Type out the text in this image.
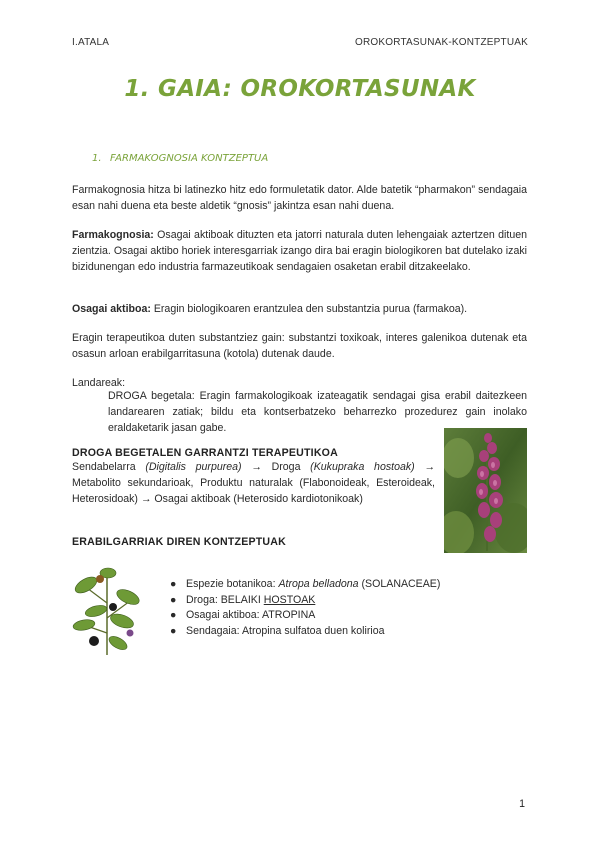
I.ATALA	OROKORTASUNAK-KONTZEPTUAK
1. GAIA: OROKORTASUNAK
1. FARMAKOGNOSIA KONTZEPTUA
Farmakognosia hitza bi latinezko hitz edo formuletatik dator. Alde batetik “pharmakon” sendagaia esan nahi duena eta beste aldetik “gnosis” jakintza esan nahi duena.
Farmakognosia: Osagai aktiboak dituzten eta jatorri naturala duten lehengaiak aztertzen dituen zientzia. Osagai aktibo horiek interesgarriak izango dira bai eragin biologikoren bat dutelako izaki bizidunengan edo industria farmazeutikoak sendagaien osaketan erabil ditzakeelako.
Osagai aktiboa: Eragin biologikoaren erantzulea den substantzia purua (farmakoa).
Eragin terapeutikoa duten substantziez gain: substantzi toxikoak, interes galenikoa dutenak eta osasun arloan erabilgarritasuna (kotola) dutenak daude.
Landareak:
DROGA begetala: Eragin farmakologikoak izateagatik sendagai gisa erabil daitezkeen landarearen zatiak; bildu eta kontserbatzeko beharrezko prozedurez gain inolako eraldaketarik jasan gabe.
DROGA BEGETALEN GARRANTZI TERAPEUTIKOA
Sendabelarra (Digitalis purpurea) → Droga (Kukupraka hostoak) → Metabolito sekundarioak, Produktu naturalak (Flabonoideak, Esteroideak, Heterosidoak) → Osagai aktiboak (Heterosido kardiotonikoak)
ERABILGARRIAK DIREN KONTZEPTUAK
● Espezie botanikoa: Atropa belladona (SOLANACEAE)
● Droga: BELAIKI HOSTOAK
● Osagai aktiboa: ATROPINA
● Sendagaia: Atropina sulfatoa duen kolirioa
1
